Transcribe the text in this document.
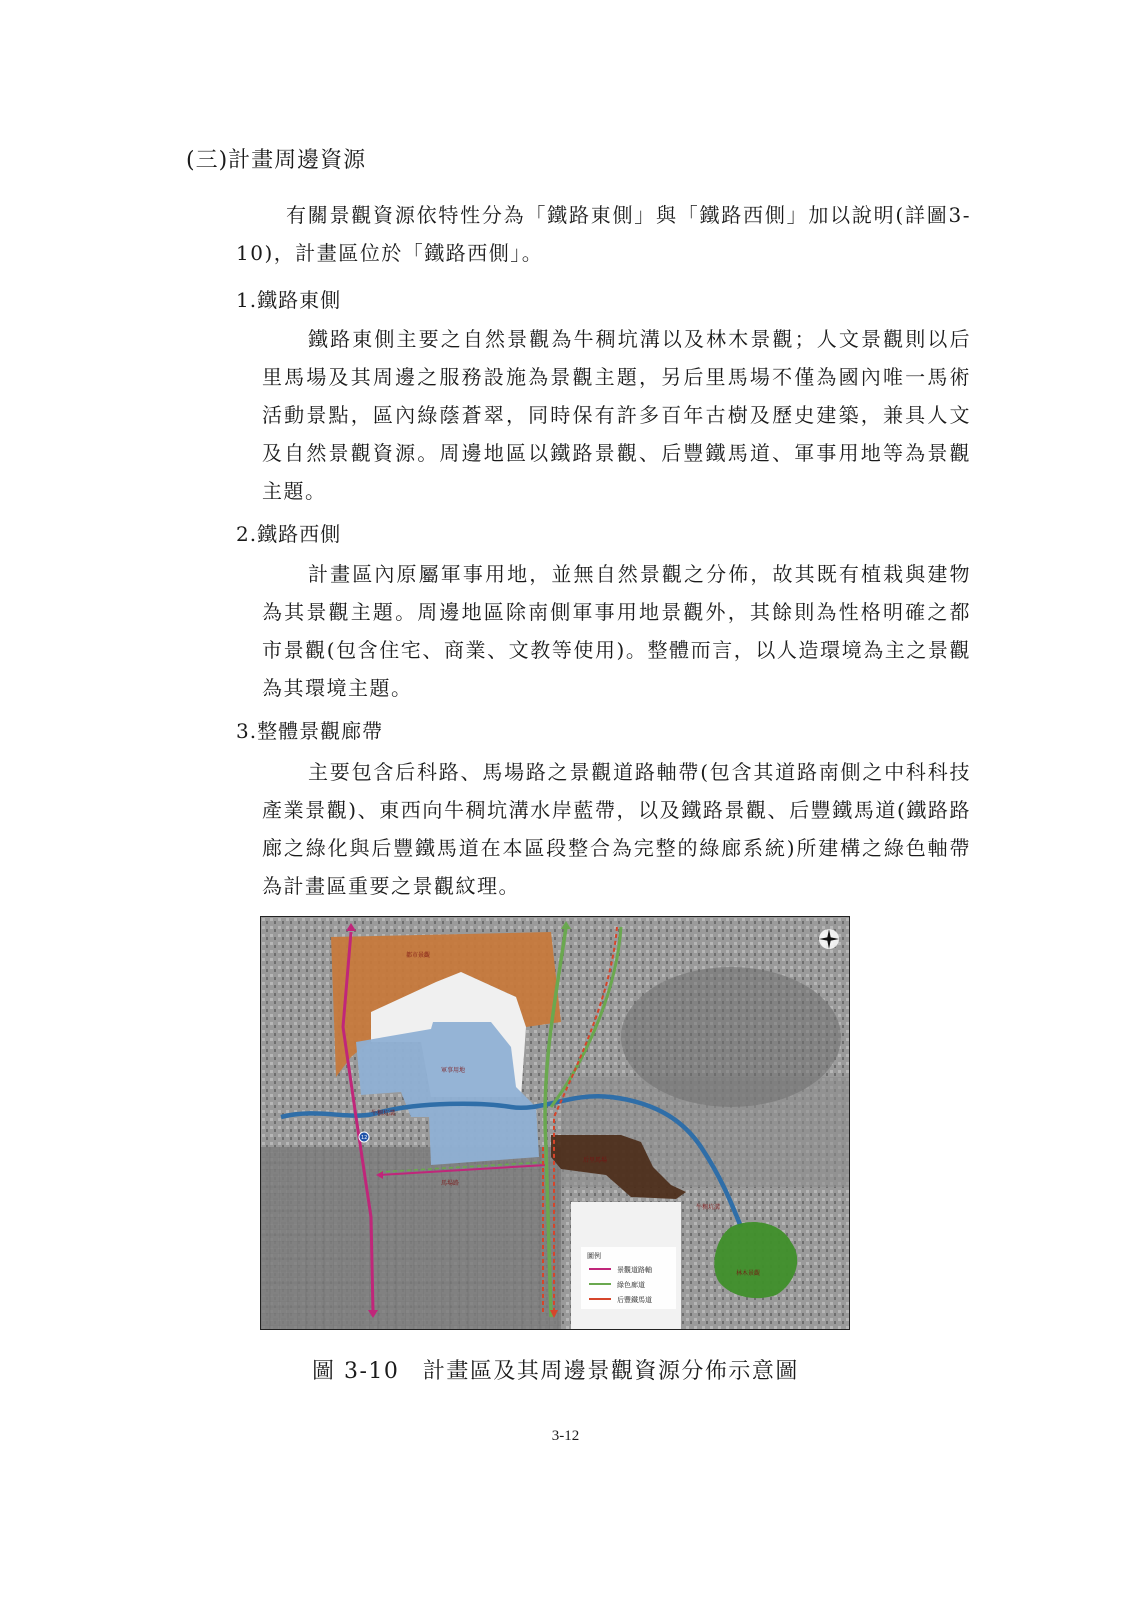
(三)計畫周邊資源

有關景觀資源依特性分為「鐵路東側」與「鐵路西側」加以說明(詳圖3-10)，計畫區位於「鐵路西側」。

1.鐵路東側

鐵路東側主要之自然景觀為牛稠坑溝以及林木景觀；人文景觀則以后里馬場及其周邊之服務設施為景觀主題，另后里馬場不僅為國內唯一馬術活動景點，區內綠蔭蒼翠，同時保有許多百年古樹及歷史建築，兼具人文及自然景觀資源。周邊地區以鐵路景觀、后豐鐵馬道、軍事用地等為景觀主題。

2.鐵路西側

計畫區內原屬軍事用地，並無自然景觀之分佈，故其既有植栽與建物為其景觀主題。周邊地區除南側軍事用地景觀外，其餘則為性格明確之都市景觀(包含住宅、商業、文教等使用)。整體而言，以人造環境為主之景觀為其環境主題。

3.整體景觀廊帶

主要包含后科路、馬場路之景觀道路軸帶(包含其道路南側之中科科技產業景觀)、東西向牛稠坑溝水岸藍帶，以及鐵路景觀、后豐鐵馬道(鐵路路廊之綠化與后豐鐵馬道在本區段整合為完整的綠廊系統)所建構之綠色軸帶為計畫區重要之景觀紋理。

都市景觀
軍事用地
牛稠坑溝
牛稠坑溝
后里馬場
林木景觀
12
馬場路
圖例
景觀道路軸
綠色廊道
后豐鐵馬道

圖 3-10　計畫區及其周邊景觀資源分佈示意圖

3-12
